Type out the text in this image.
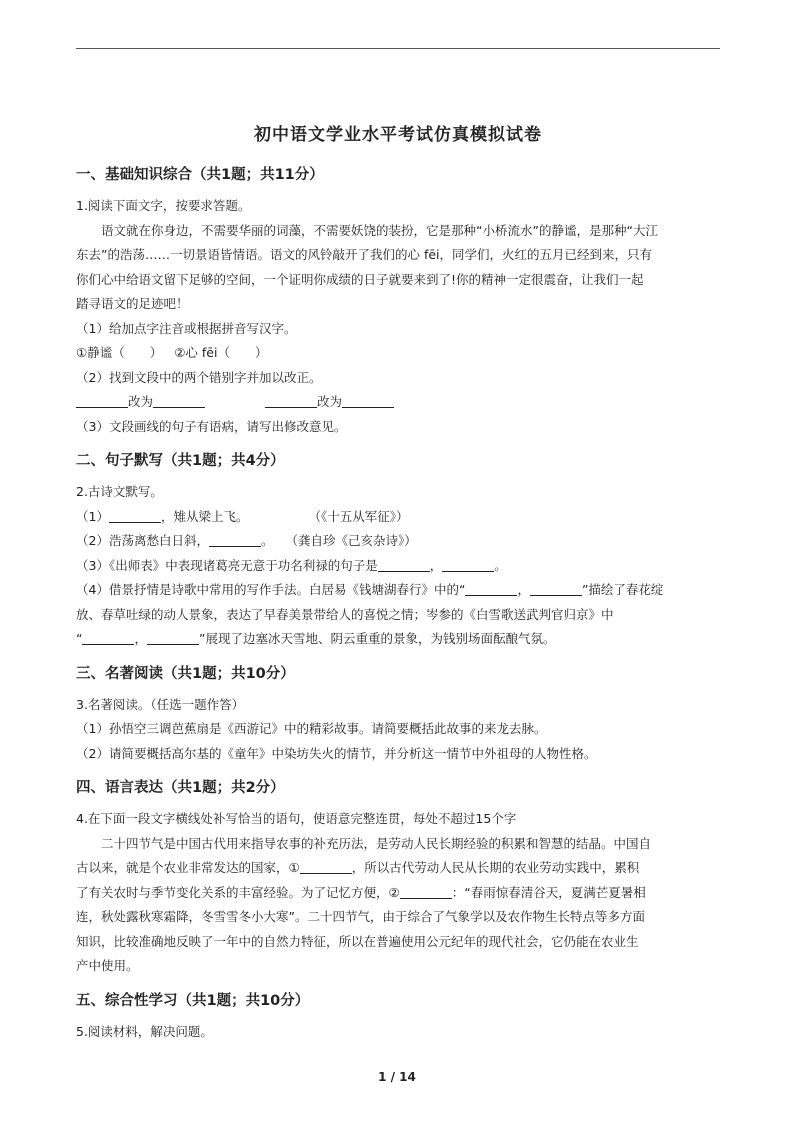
初中语文学业水平考试仿真模拟试卷
一、基础知识综合（共1题；共11分）

1.阅读下面文字，按要求答题。

语文就在你身边，不需要华丽的词藻，不需要妖饶的装扮，它是那种“小桥流水”的静谧，是那种“大江

东去”的浩荡……一切景语皆情语。语文的风铃敲开了我们的心 fēi，同学们，火红的五月已经到来，只有

你们心中给语文留下足够的空间，一个证明你成绩的日子就要来到了!你的精神一定很震奋，让我们一起

踏寻语文的足迹吧！

（1）给加点字注音或根据拼音写汉字。

①静谧（　　） ②心 fēi（　　）

（2）找到文段中的两个错别字并加以改正。

改为	改为

（3）文段画线的句子有语病，请写出修改意见。

二、句子默写（共1题；共4分）

2.古诗文默写。

（1）	，雉从梁上飞。	（《十五从军征》）

（2）浩荡离愁白日斜，	。 （龚自珍《己亥杂诗》）

（3）《出师表》中表现诸葛亮无意于功名利禄的句子是	，	。

（4）借景抒情是诗歌中常用的写作手法。白居易《钱塘湖春行》中的“	，	”描绘了春花绽

放、春草吐绿的动人景象，表达了早春美景带给人的喜悦之情；岑参的《白雪歌送武判官归京》中

“	，	”展现了边塞冰天雪地、阴云重重的景象，为钱别场面酝酿气氛。

三、名著阅读（共1题；共10分）

3.名著阅读。（任选一题作答）

（1）孙悟空三调芭蕉扇是《西游记》中的精彩故事。请简要概括此故事的来龙去脉。

（2）请简要概括高尔基的《童年》中染坊失火的情节，并分析这一情节中外祖母的人物性格。

四、语言表达（共1题；共2分）

4.在下面一段文字横线处补写恰当的语句，使语意完整连贯，每处不超过15个字

二十四节气是中国古代用来指导农事的补充历法，是劳动人民长期经验的积累和智慧的结晶。中国自

古以来，就是个农业非常发达的国家，①	，所以古代劳动人民从长期的农业劳动实践中，累积

了有关农时与季节变化关系的丰富经验。为了记忆方便，②	：“春雨惊春清谷天，夏满芒夏暑相

连，秋处露秋寒霜降，冬雪雪冬小大寒”。二十四节气，由于综合了气象学以及农作物生长特点等多方面

知识，比较准确地反映了一年中的自然力特征，所以在普遍使用公元纪年的现代社会，它仍能在农业生

产中使用。

五、综合性学习（共1题；共10分）

5.阅读材料，解决问题。

1 / 14
